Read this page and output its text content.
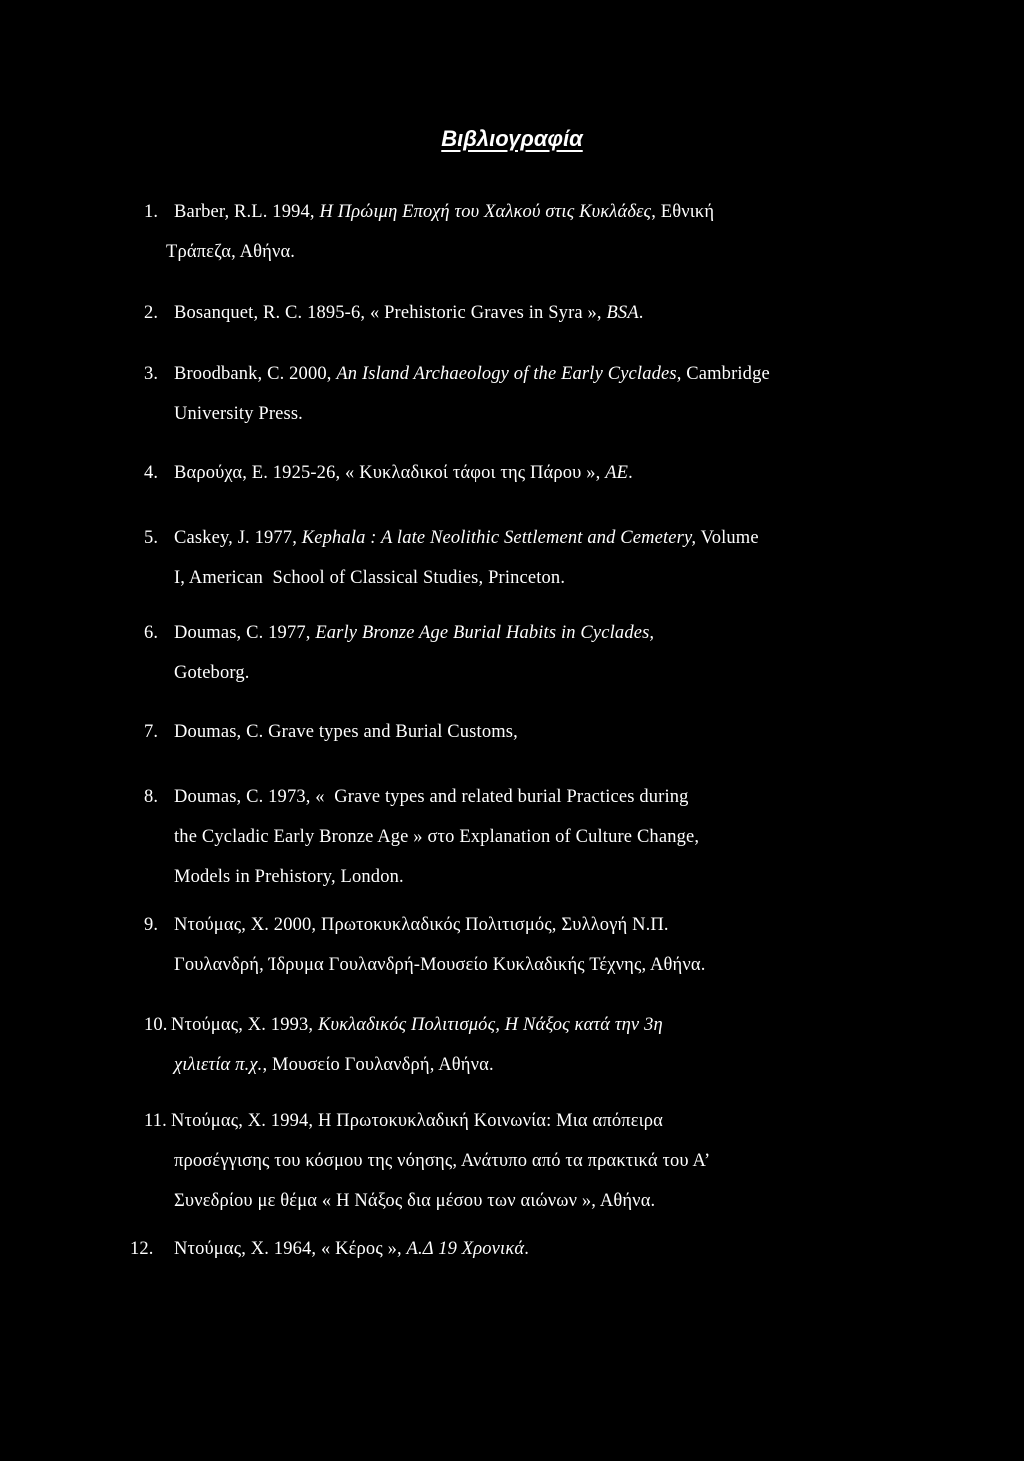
Βιβλιογραφία
1. Barber, R.L. 1994, Η Πρώιμη Εποχή του Χαλκού στις Κυκλάδες, Εθνική
Τράπεζα, Αθήνα.
2. Bosanquet, R. C. 1895-6, « Prehistoric Graves in Syra », BSA.
3. Broodbank, C. 2000, An Island Archaeology of the Early Cyclades, Cambridge
University Press.
4. Βαρούχα, Ε. 1925-26, « Κυκλαδικοί τάφοι της Πάρου », ΑΕ.
5. Caskey, J. 1977, Kephala : A late Neolithic Settlement and Cemetery, Volume
I, American  School of Classical Studies, Princeton.
6. Doumas, C. 1977, Early Bronze Age Burial Habits in Cyclades,
Goteborg.
7. Doumas, C. Grave types and Burial Customs,
8. Doumas, C. 1973, «  Grave types and related burial Practices during
the Cycladic Early Bronze Age » στο Explanation of Culture Change,
Models in Prehistory, London.
9. Ντούμας, Χ. 2000, Πρωτοκυκλαδικός Πολιτισμός, Συλλογή Ν.Π.
Γουλανδρή, Ίδρυμα Γουλανδρή-Μουσείο Κυκλαδικής Τέχνης, Αθήνα.
10. Ντούμας, Χ. 1993, Κυκλαδικός Πολιτισμός, Η Νάξος κατά την 3η
χιλιετία π.χ., Μουσείο Γουλανδρή, Αθήνα.
11. Ντούμας, Χ. 1994, Η Πρωτοκυκλαδική Κοινωνία: Μια απόπειρα
προσέγγισης του κόσμου της νόησης, Ανάτυπο από τα πρακτικά του Α’
Συνεδρίου με θέμα « Η Νάξος δια μέσου των αιώνων », Αθήνα.
12. Ντούμας, Χ. 1964, « Κέρος », Α.Δ 19 Χρονικά.
